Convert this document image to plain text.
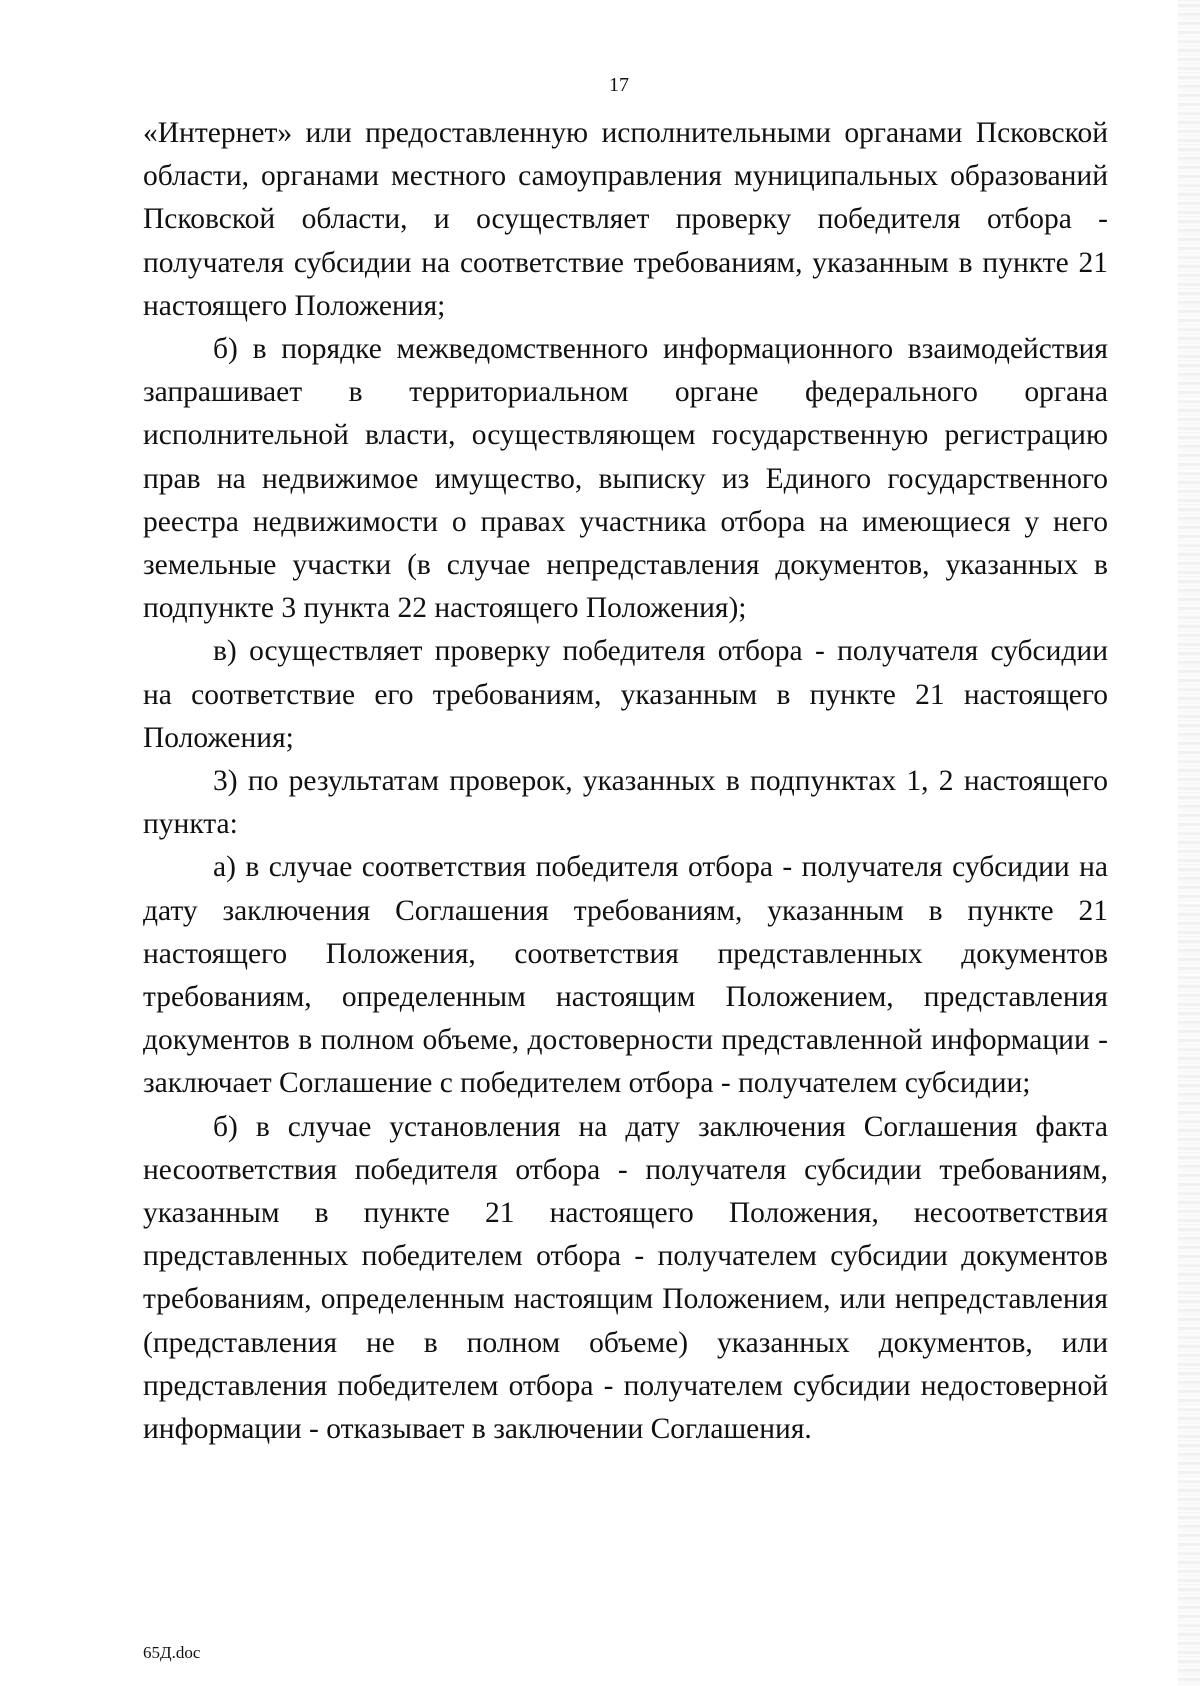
17

«Интернет» или предоставленную исполнительными органами Псковской области, органами местного самоуправления муниципальных образований Псковской области, и осуществляет проверку победителя отбора - получателя субсидии на соответствие требованиям, указанным в пункте 21 настоящего Положения;

б) в порядке межведомственного информационного взаимодействия запрашивает в территориальном органе федерального органа исполнительной власти, осуществляющем государственную регистрацию прав на недвижимое имущество, выписку из Единого государственного реестра недвижимости о правах участника отбора на имеющиеся у него земельные участки (в случае непредставления документов, указанных в подпункте 3 пункта 22 настоящего Положения);

в) осуществляет проверку победителя отбора - получателя субсидии на соответствие его требованиям, указанным в пункте 21 настоящего Положения;

3) по результатам проверок, указанных в подпунктах 1, 2 настоящего пункта:

а) в случае соответствия победителя отбора - получателя субсидии на дату заключения Соглашения требованиям, указанным в пункте 21 настоящего Положения, соответствия представленных документов требованиям, определенным настоящим Положением, представления документов в полном объеме, достоверности представленной информации - заключает Соглашение с победителем отбора - получателем субсидии;

б) в случае установления на дату заключения Соглашения факта несоответствия победителя отбора - получателя субсидии требованиям, указанным в пункте 21 настоящего Положения, несоответствия представленных победителем отбора - получателем субсидии документов требованиям, определенным настоящим Положением, или непредставления (представления не в полном объеме) указанных документов, или представления победителем отбора - получателем субсидии недостоверной информации - отказывает в заключении Соглашения.

65Д.doc
